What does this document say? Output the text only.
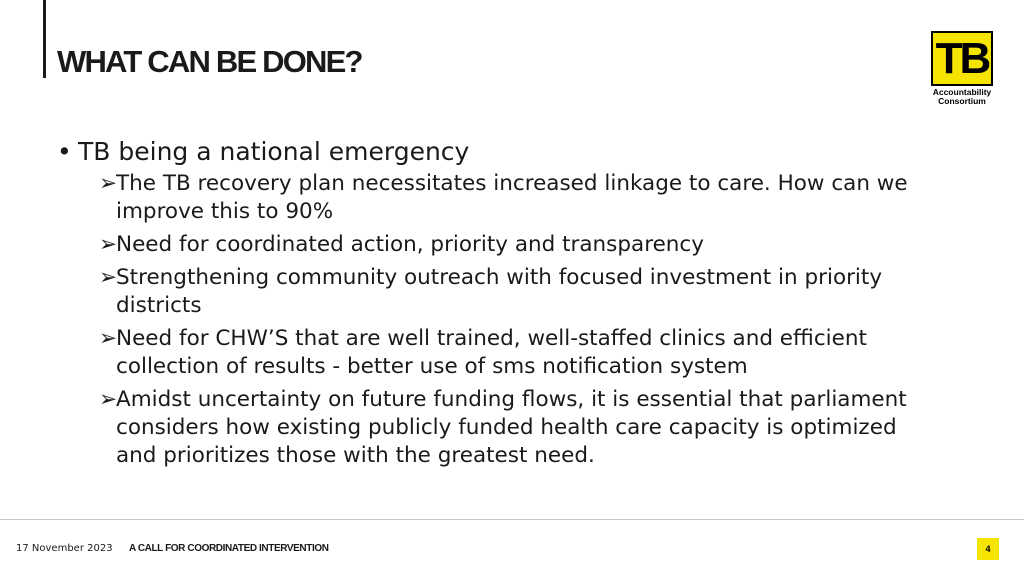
WHAT CAN BE DONE?	TB
Accountability
Consortium
• TB being a national emergency
➢
The TB recovery plan necessitates increased linkage to care. How can we improve this to 90%
➢
Need for coordinated action, priority and transparency
➢
Strengthening community outreach with focused investment in priority districts
➢
Need for CHW’S that are well trained, well-staffed clinics and efficient collection of results - better use of sms notification system
➢
Amidst uncertainty on future funding flows, it is essential that parliament considers how existing publicly funded health care capacity is optimized and prioritizes those with the greatest need.
17 November 2023 A CALL FOR COORDINATED INTERVENTION	4
